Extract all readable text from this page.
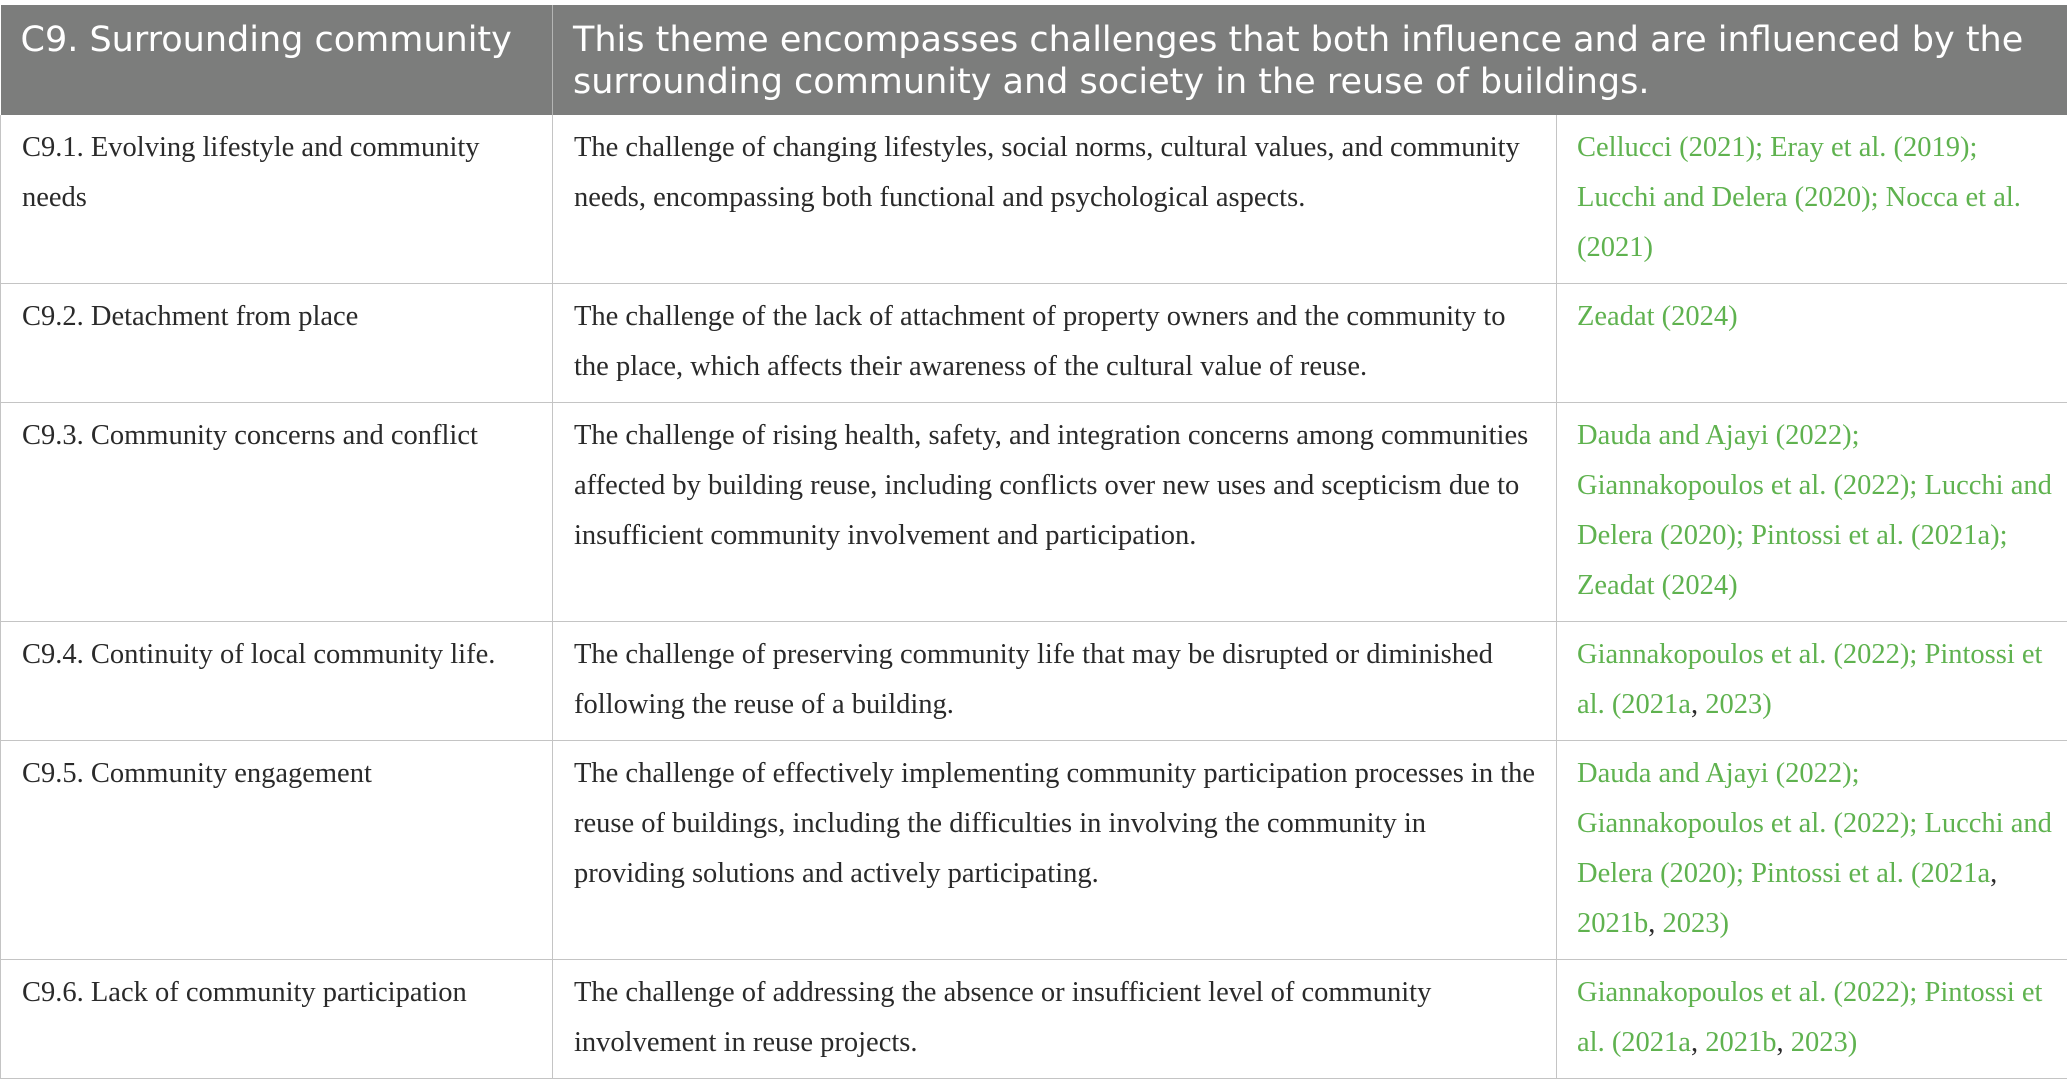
C9. Surrounding community	This theme encompasses challenges that both influence and are influenced by the surrounding community and society in the reuse of buildings.	
C9.1. Evolving lifestyle and community needs	The challenge of changing lifestyles, social norms, cultural values, and community needs, encompassing both functional and psychological aspects.	Cellucci (2021); Eray et al. (2019); Lucchi and Delera (2020); Nocca et al. (2021)
C9.2. Detachment from place	The challenge of the lack of attachment of property owners and the community to the place, which affects their awareness of the cultural value of reuse.	Zeadat (2024)
C9.3. Community concerns and conflict	The challenge of rising health, safety, and integration concerns among communities affected by building reuse, including conflicts over new uses and scepticism due to insufficient community involvement and participation.	Dauda and Ajayi (2022); Giannakopoulos et al. (2022); Lucchi and Delera (2020); Pintossi et al. (2021a); Zeadat (2024)
C9.4. Continuity of local community life.	The challenge of preserving community life that may be disrupted or diminished following the reuse of a building.	Giannakopoulos et al. (2022); Pintossi et al. (2021a, 2023)
C9.5. Community engagement	The challenge of effectively implementing community participation processes in the reuse of buildings, including the difficulties in involving the community in providing solutions and actively participating.	Dauda and Ajayi (2022); Giannakopoulos et al. (2022); Lucchi and Delera (2020); Pintossi et al. (2021a, 2021b, 2023)
C9.6. Lack of community participation	The challenge of addressing the absence or insufficient level of community involvement in reuse projects.	Giannakopoulos et al. (2022); Pintossi et al. (2021a, 2021b, 2023)
